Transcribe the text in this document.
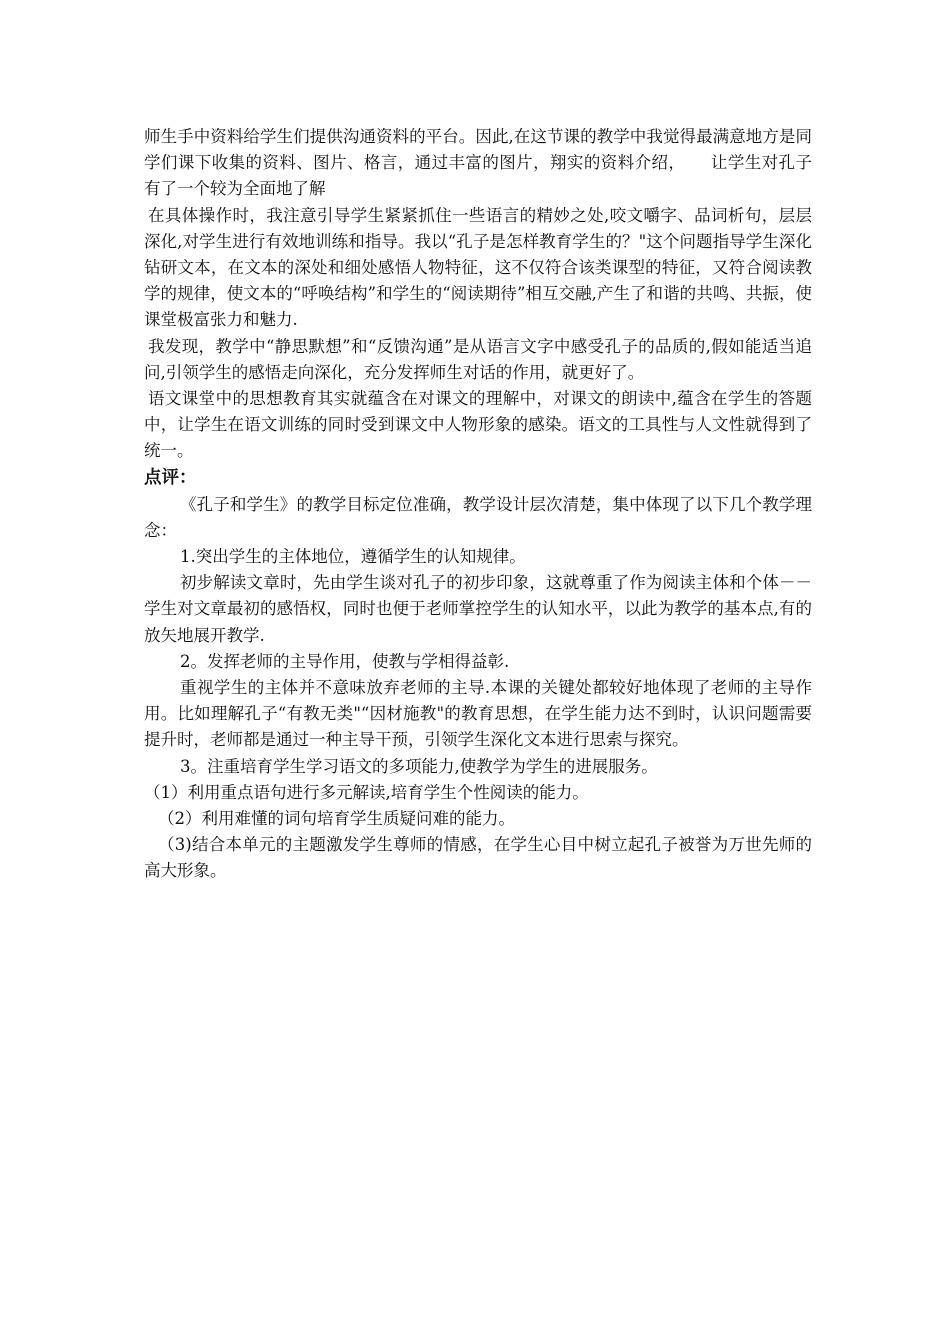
师生手中资料给学生们提供沟通资料的平台。因此,在这节课的教学中我觉得最满意地方是同学们课下收集的资料、图片、格言，通过丰富的图片，翔实的资料介绍，　　让学生对孔子有了一个较为全面地了解

在具体操作时，我注意引导学生紧紧抓住一些语言的精妙之处,咬文嚼字、品词析句，层层深化,对学生进行有效地训练和指导。我以“孔子是怎样教育学生的？"这个问题指导学生深化钻研文本，在文本的深处和细处感悟人物特征，这不仅符合该类课型的特征，又符合阅读教学的规律，使文本的“呼唤结构”和学生的“阅读期待”相互交融,产生了和谐的共鸣、共振，使课堂极富张力和魅力.

我发现，教学中“静思默想”和“反馈沟通”是从语言文字中感受孔子的品质的,假如能适当追问,引领学生的感悟走向深化，充分发挥师生对话的作用，就更好了。

语文课堂中的思想教育其实就蕴含在对课文的理解中，对课文的朗读中,蕴含在学生的答题中，让学生在语文训练的同时受到课文中人物形象的感染。语文的工具性与人文性就得到了统一。

点评：

《孔子和学生》的教学目标定位准确，教学设计层次清楚，集中体现了以下几个教学理念：

1.突出学生的主体地位，遵循学生的认知规律。

初步解读文章时，先由学生谈对孔子的初步印象，这就尊重了作为阅读主体和个体－－学生对文章最初的感悟权，同时也便于老师掌控学生的认知水平，以此为教学的基本点,有的放矢地展开教学.

2。发挥老师的主导作用，使教与学相得益彰.

重视学生的主体并不意味放弃老师的主导.本课的关键处都较好地体现了老师的主导作用。比如理解孔子“有教无类"“因材施教"的教育思想，在学生能力达不到时，认识问题需要提升时，老师都是通过一种主导干预，引领学生深化文本进行思索与探究。

3。注重培育学生学习语文的多项能力,使教学为学生的进展服务。

（1）利用重点语句进行多元解读,培育学生个性阅读的能力。

（2）利用难懂的词句培育学生质疑问难的能力。

（3)结合本单元的主题激发学生尊师的情感，在学生心目中树立起孔子被誉为万世先师的高大形象。
